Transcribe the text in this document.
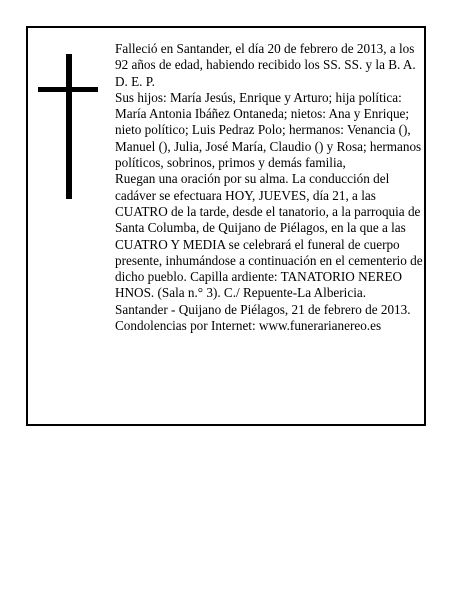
Falleció en Santander, el día 20 de febrero de 2013, a los 92 años de edad, habiendo recibido los SS. SS. y la B. A.

D. E. P.

Sus hijos: María Jesús, Enrique y Arturo; hija política: María Antonia Ibáñez Ontaneda; nietos: Ana y Enrique; nieto político; Luis Pedraz Polo; hermanos: Venancia (), Manuel (), Julia, José María, Claudio () y Rosa; hermanos políticos, sobrinos, primos y demás familia,

Ruegan una oración por su alma. La conducción del cadáver se efectuara HOY, JUEVES, día 21, a las CUATRO de la tarde, desde el tanatorio, a la parroquia de Santa Columba, de Quijano de Piélagos, en la que a las CUATRO Y MEDIA se celebrará el funeral de cuerpo presente, inhumándose a continuación en el cementerio de dicho pueblo. Capilla ardiente: TANATORIO NEREO HNOS. (Sala n.° 3). C./ Repuente-La Albericia.

Santander - Quijano de Piélagos, 21 de febrero de 2013.

Condolencias por Internet: www.funerarianereo.es
